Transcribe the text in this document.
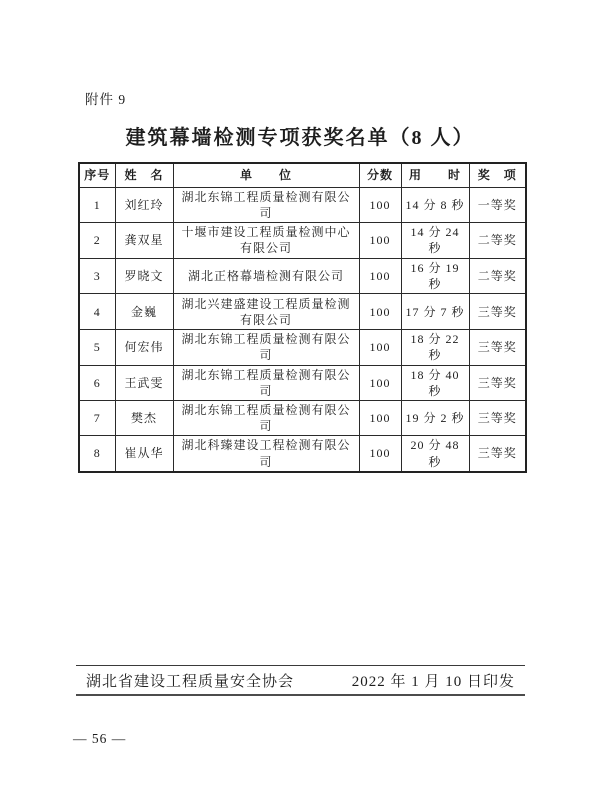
附件 9
建筑幕墙检测专项获奖名单（8 人）
序号	姓　名	单　　位	分数	用　　时	奖　项
1	刘红玲	湖北东锦工程质量检测有限公司	100	14 分 8 秒	一等奖
2	龚双星	十堰市建设工程质量检测中心有限公司	100	14 分 24 秒	二等奖
3	罗晓文	湖北正格幕墙检测有限公司	100	16 分 19 秒	二等奖
4	金巍	湖北兴建盛建设工程质量检测有限公司	100	17 分 7 秒	三等奖
5	何宏伟	湖北东锦工程质量检测有限公司	100	18 分 22 秒	三等奖
6	王武雯	湖北东锦工程质量检测有限公司	100	18 分 40 秒	三等奖
7	樊杰	湖北东锦工程质量检测有限公司	100	19 分 2 秒	三等奖
8	崔从华	湖北科臻建设工程检测有限公司	100	20 分 48 秒	三等奖
湖北省建设工程质量安全协会	2022 年 1 月 10 日印发
— 56 —
